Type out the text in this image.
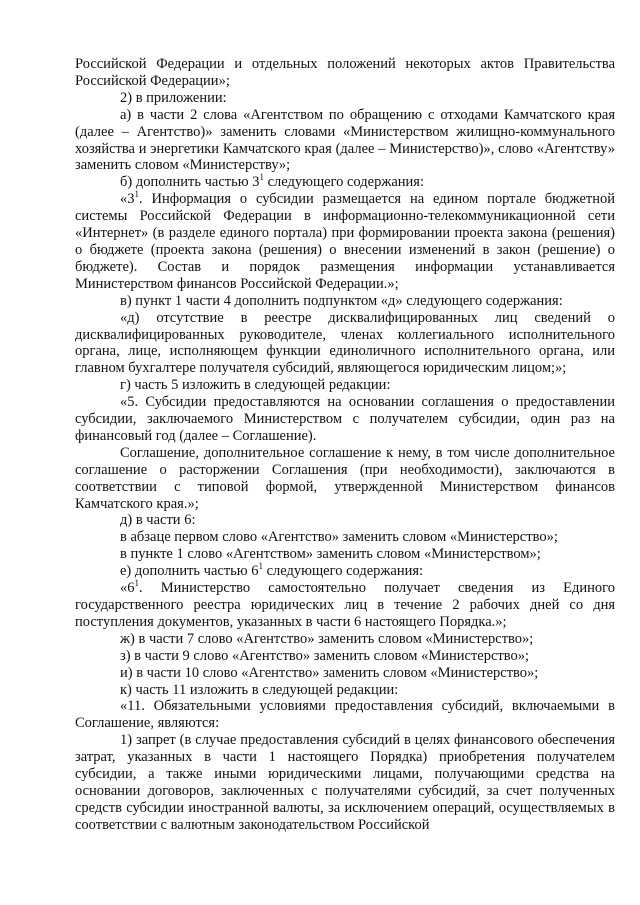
Российской Федерации и отдельных положений некоторых актов Правительства Российской Федерации»;

2) в приложении:

а) в части 2 слова «Агентством по обращению с отходами Камчатского края (далее – Агентство)» заменить словами «Министерством жилищно-коммунального хозяйства и энергетики Камчатского края (далее – Министерство)», слово «Агентству» заменить словом «Министерству»;

б) дополнить частью $3^1$ следующего содержания:

«$3^1$. Информация о субсидии размещается на едином портале бюджетной системы Российской Федерации в информационно-телекоммуникационной сети «Интернет» (в разделе единого портала) при формировании проекта закона (решения) о бюджете (проекта закона (решения) о внесении изменений в закон (решение) о бюджете). Состав и порядок размещения информации устанавливается Министерством финансов Российской Федерации.»;

в) пункт 1 части 4 дополнить подпунктом «д» следующего содержания:

«д) отсутствие в реестре дисквалифицированных лиц сведений о дисквалифицированных руководителе, членах коллегиального исполнительного органа, лице, исполняющем функции единоличного исполнительного органа, или главном бухгалтере получателя субсидий, являющегося юридическим лицом;»;

г) часть 5 изложить в следующей редакции:

«5. Субсидии предоставляются на основании соглашения о предоставлении субсидии, заключаемого Министерством с получателем субсидии, один раз на финансовый год (далее – Соглашение).

Соглашение, дополнительное соглашение к нему, в том числе дополнительное соглашение о расторжении Соглашения (при необходимости), заключаются в соответствии с типовой формой, утвержденной Министерством финансов Камчатского края.»;

д) в части 6:

в абзаце первом слово «Агентство» заменить словом «Министерство»;

в пункте 1 слово «Агентством» заменить словом «Министерством»;

е) дополнить частью $6^1$ следующего содержания:

«$6^1$. Министерство самостоятельно получает сведения из Единого государственного реестра юридических лиц в течение 2 рабочих дней со дня поступления документов, указанных в части 6 настоящего Порядка.»;

ж) в части 7 слово «Агентство» заменить словом «Министерство»;

з) в части 9 слово «Агентство» заменить словом «Министерство»;

и) в части 10 слово «Агентство» заменить словом «Министерство»;

к) часть 11 изложить в следующей редакции:

«11. Обязательными условиями предоставления субсидий, включаемыми в Соглашение, являются:

1) запрет (в случае предоставления субсидий в целях финансового обеспечения затрат, указанных в части 1 настоящего Порядка) приобретения получателем субсидии, а также иными юридическими лицами, получающими средства на основании договоров, заключенных с получателями субсидий, за счет полученных средств субсидии иностранной валюты, за исключением операций, осуществляемых в соответствии с валютным законодательством Российской
